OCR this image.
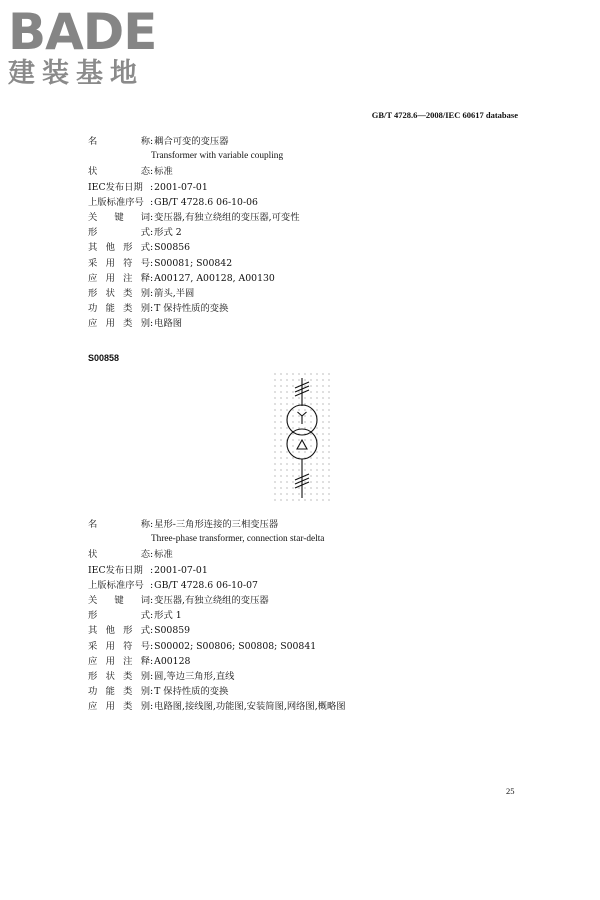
BADE
建装基地
GB/T 4728.6—2008/IEC 60617 database
名	称 : 耦合可变的变压器
Transformer with variable coupling
状	态 : 标准
IEC发布日期 : 2001-07-01
上版标准序号 : GB/T 4728.6 06-10-06
关 键 词 : 变压器,有独立绕组的变压器,可变性
形	式 : 形式 2
其 他 形 式 : S00856
采 用 符 号 : S00081; S00842
应 用 注 释 : A00127, A00128, A00130
形 状 类 别 : 箭头,半圆
功 能 类 别 : T 保持性质的变换
应 用 类 别 : 电路图
S00858
名	称 : 星形-三角形连接的三相变压器
Three-phase transformer, connection star-delta
状	态 : 标准
IEC发布日期 : 2001-07-01
上版标准序号 : GB/T 4728.6 06-10-07
关 键 词 : 变压器,有独立绕组的变压器
形	式 : 形式 1
其 他 形 式 : S00859
采 用 符 号 : S00002; S00806; S00808; S00841
应 用 注 释 : A00128
形 状 类 别 : 圆,等边三角形,直线
功 能 类 别 : T 保持性质的变换
应 用 类 别 : 电路图,接线图,功能图,安装简图,网络图,概略图
25
